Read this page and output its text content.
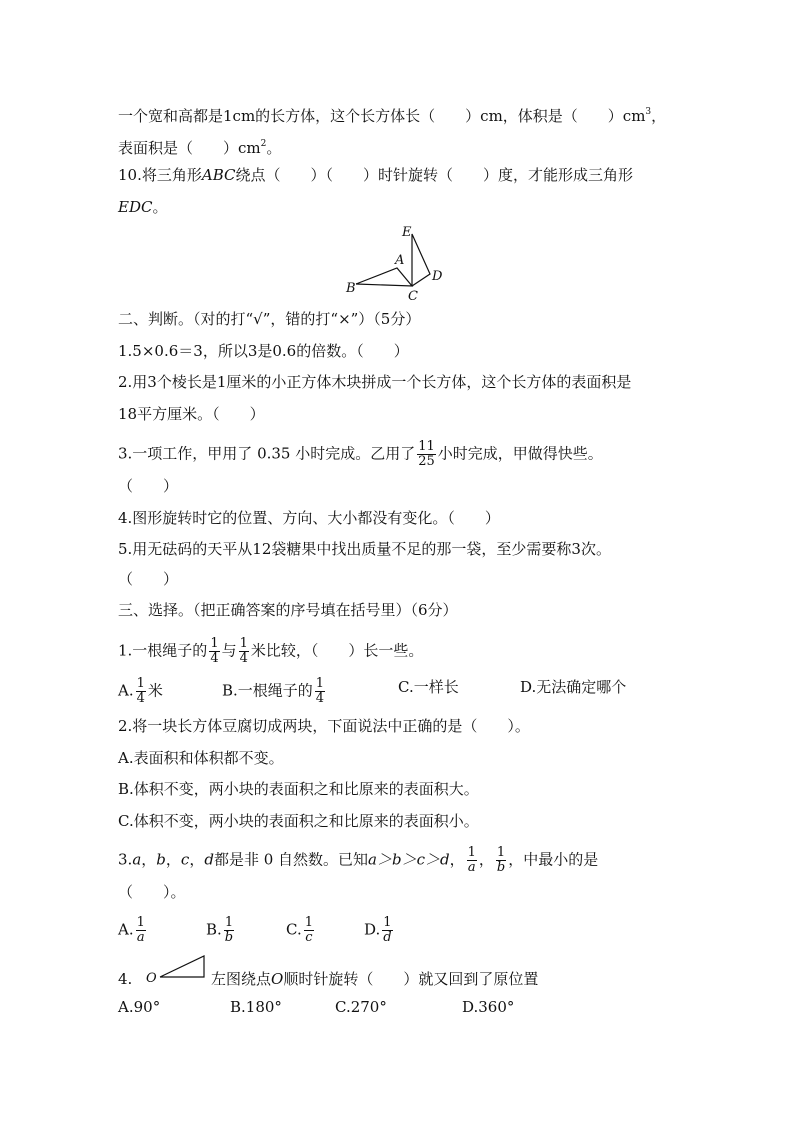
一个宽和高都是1cm的长方体，这个长方体长（　　）cm，体积是（　　）$cm^3$，
表面积是（　　）$cm^2$。
10.将三角形ABC绕点（　　）（　　）时针旋转（　　）度，才能形成三角形
EDC。
E
A
B
C
D
二、判断。（对的打“√”，错的打“×”）（5分）
1.5×0.6＝3，所以3是0.6的倍数。（　　）
2.用3个棱长是1厘米的小正方体木块拼成一个长方体，这个长方体的表面积是
18平方厘米。（　　）
3.一项工作，甲用了 0.35 小时完成。乙用了 $\frac{11}{25}$ 小时完成，甲做得快些。
（　　）
4.图形旋转时它的位置、方向、大小都没有变化。（　　）
5.用无砝码的天平从12袋糖果中找出质量不足的那一袋，至少需要称3次。
（　　）
三、选择。（把正确答案的序号填在括号里）（6分）
1.一根绳子的 $\frac{1}{4}$ 与 $\frac{1}{4}$ 米比较，（　　）长一些。
A. $\frac{1}{4}$ 米	B.一根绳子的 $\frac{1}{4}$	C.一样长	D.无法确定哪个
2.将一块长方体豆腐切成两块，下面说法中正确的是（　　）。
A.表面积和体积都不变。
B.体积不变，两小块的表面积之和比原来的表面积大。
C.体积不变，两小块的表面积之和比原来的表面积小。
3.a，b，c，d都是非 0 自然数。已知a＞b＞c＞d， $\frac{1}{a}$ ， $\frac{1}{b}$ ，中最小的是
（　　）。
A. $\frac{1}{a}$	B. $\frac{1}{b}$	C. $\frac{1}{c}$	D. $\frac{1}{d}$
4. O	左图绕点O顺时针旋转（　　）就又回到了原位置
A.90°	B.180°	C.270°	D.360°
